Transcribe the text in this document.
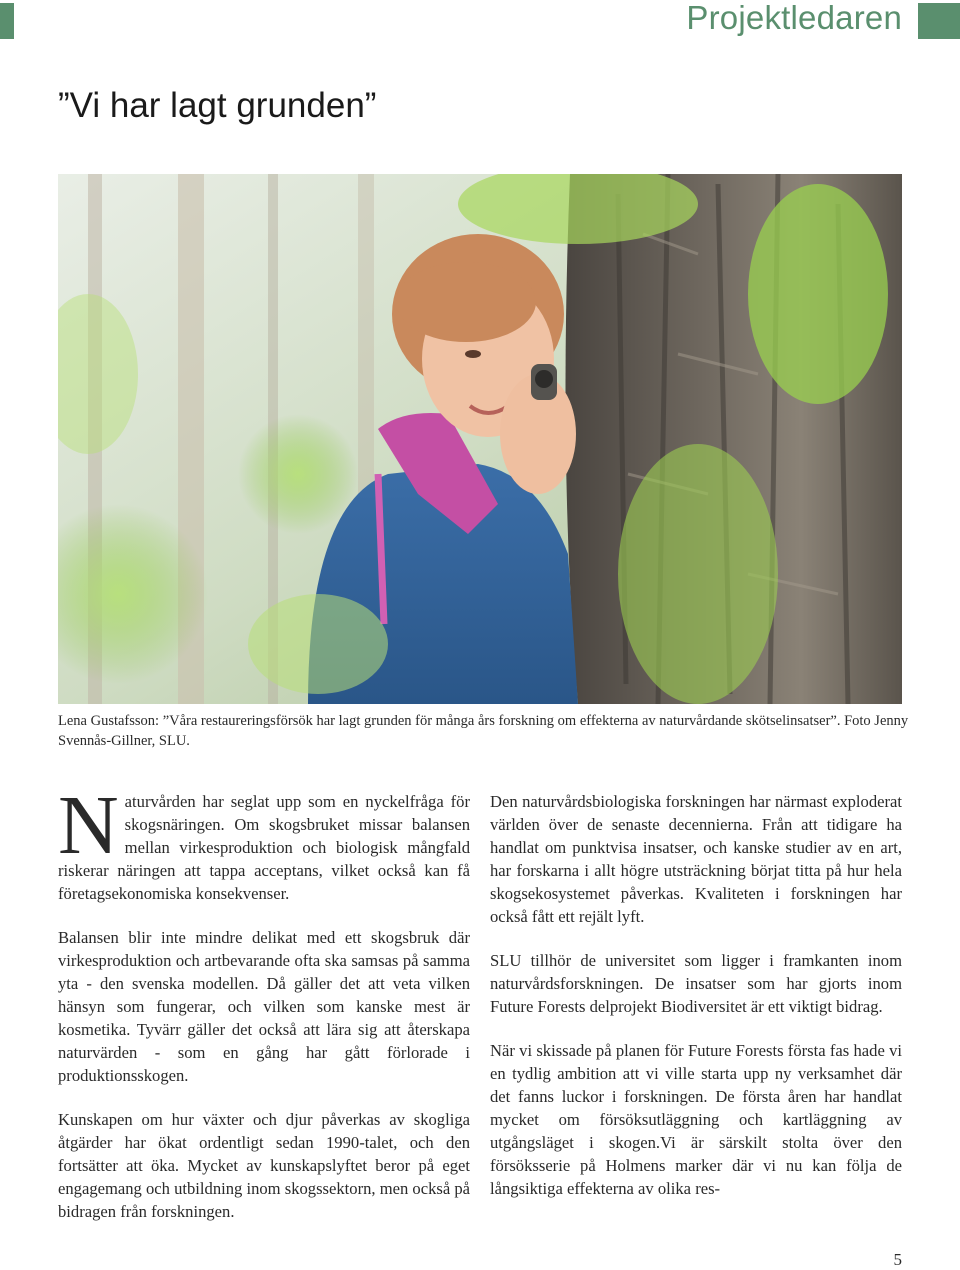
Projektledaren
”Vi har lagt grunden”

Lena Gustafsson: ”Våra restaureringsförsök har lagt grunden för många års forskning om effekterna av naturvårdande skötselinsatser”. Foto Jenny Svennås-Gillner, SLU.

Naturvården har seglat upp som en nyckelfråga för skogsnäringen. Om skogsbruket missar balansen mellan virkesproduktion och biologisk mångfald riskerar näringen att tappa acceptans, vilket också kan få företagsekonomiska konsekvenser.

Balansen blir inte mindre delikat med ett skogsbruk där virkesproduktion och artbevarande ofta ska samsas på samma yta - den svenska modellen. Då gäller det att veta vilken hänsyn som fungerar, och vilken som kanske mest är kosmetika. Tyvärr gäller det också att lära sig att återskapa naturvärden - som en gång har gått förlorade i produktionsskogen.

Kunskapen om hur växter och djur påverkas av skogliga åtgärder har ökat ordentligt sedan 1990-talet, och den fortsätter att öka. Mycket av kunskapslyftet beror på eget engagemang och utbildning inom skogssektorn, men också på bidragen från forskningen.

Den naturvårdsbiologiska forskningen har närmast exploderat världen över de senaste decennierna. Från att tidigare ha handlat om punktvisa insatser, och kanske studier av en art, har forskarna i allt högre utsträckning börjat titta på hur hela skogsekosystemet påverkas. Kvaliteten i forskningen har också fått ett rejält lyft.

SLU tillhör de universitet som ligger i framkanten inom naturvårdsforskningen. De insatser som har gjorts inom Future Forests delprojekt Biodiversitet är ett viktigt bidrag.

När vi skissade på planen för Future Forests första fas hade vi en tydlig ambition att vi ville starta upp ny verksamhet där det fanns luckor i forskningen. De första åren har handlat mycket om försöksutläggning och kartläggning av utgångsläget i skogen.Vi är särskilt stolta över den försöksserie på Holmens marker där vi nu kan följa de långsiktiga effekterna av olika res-

5
